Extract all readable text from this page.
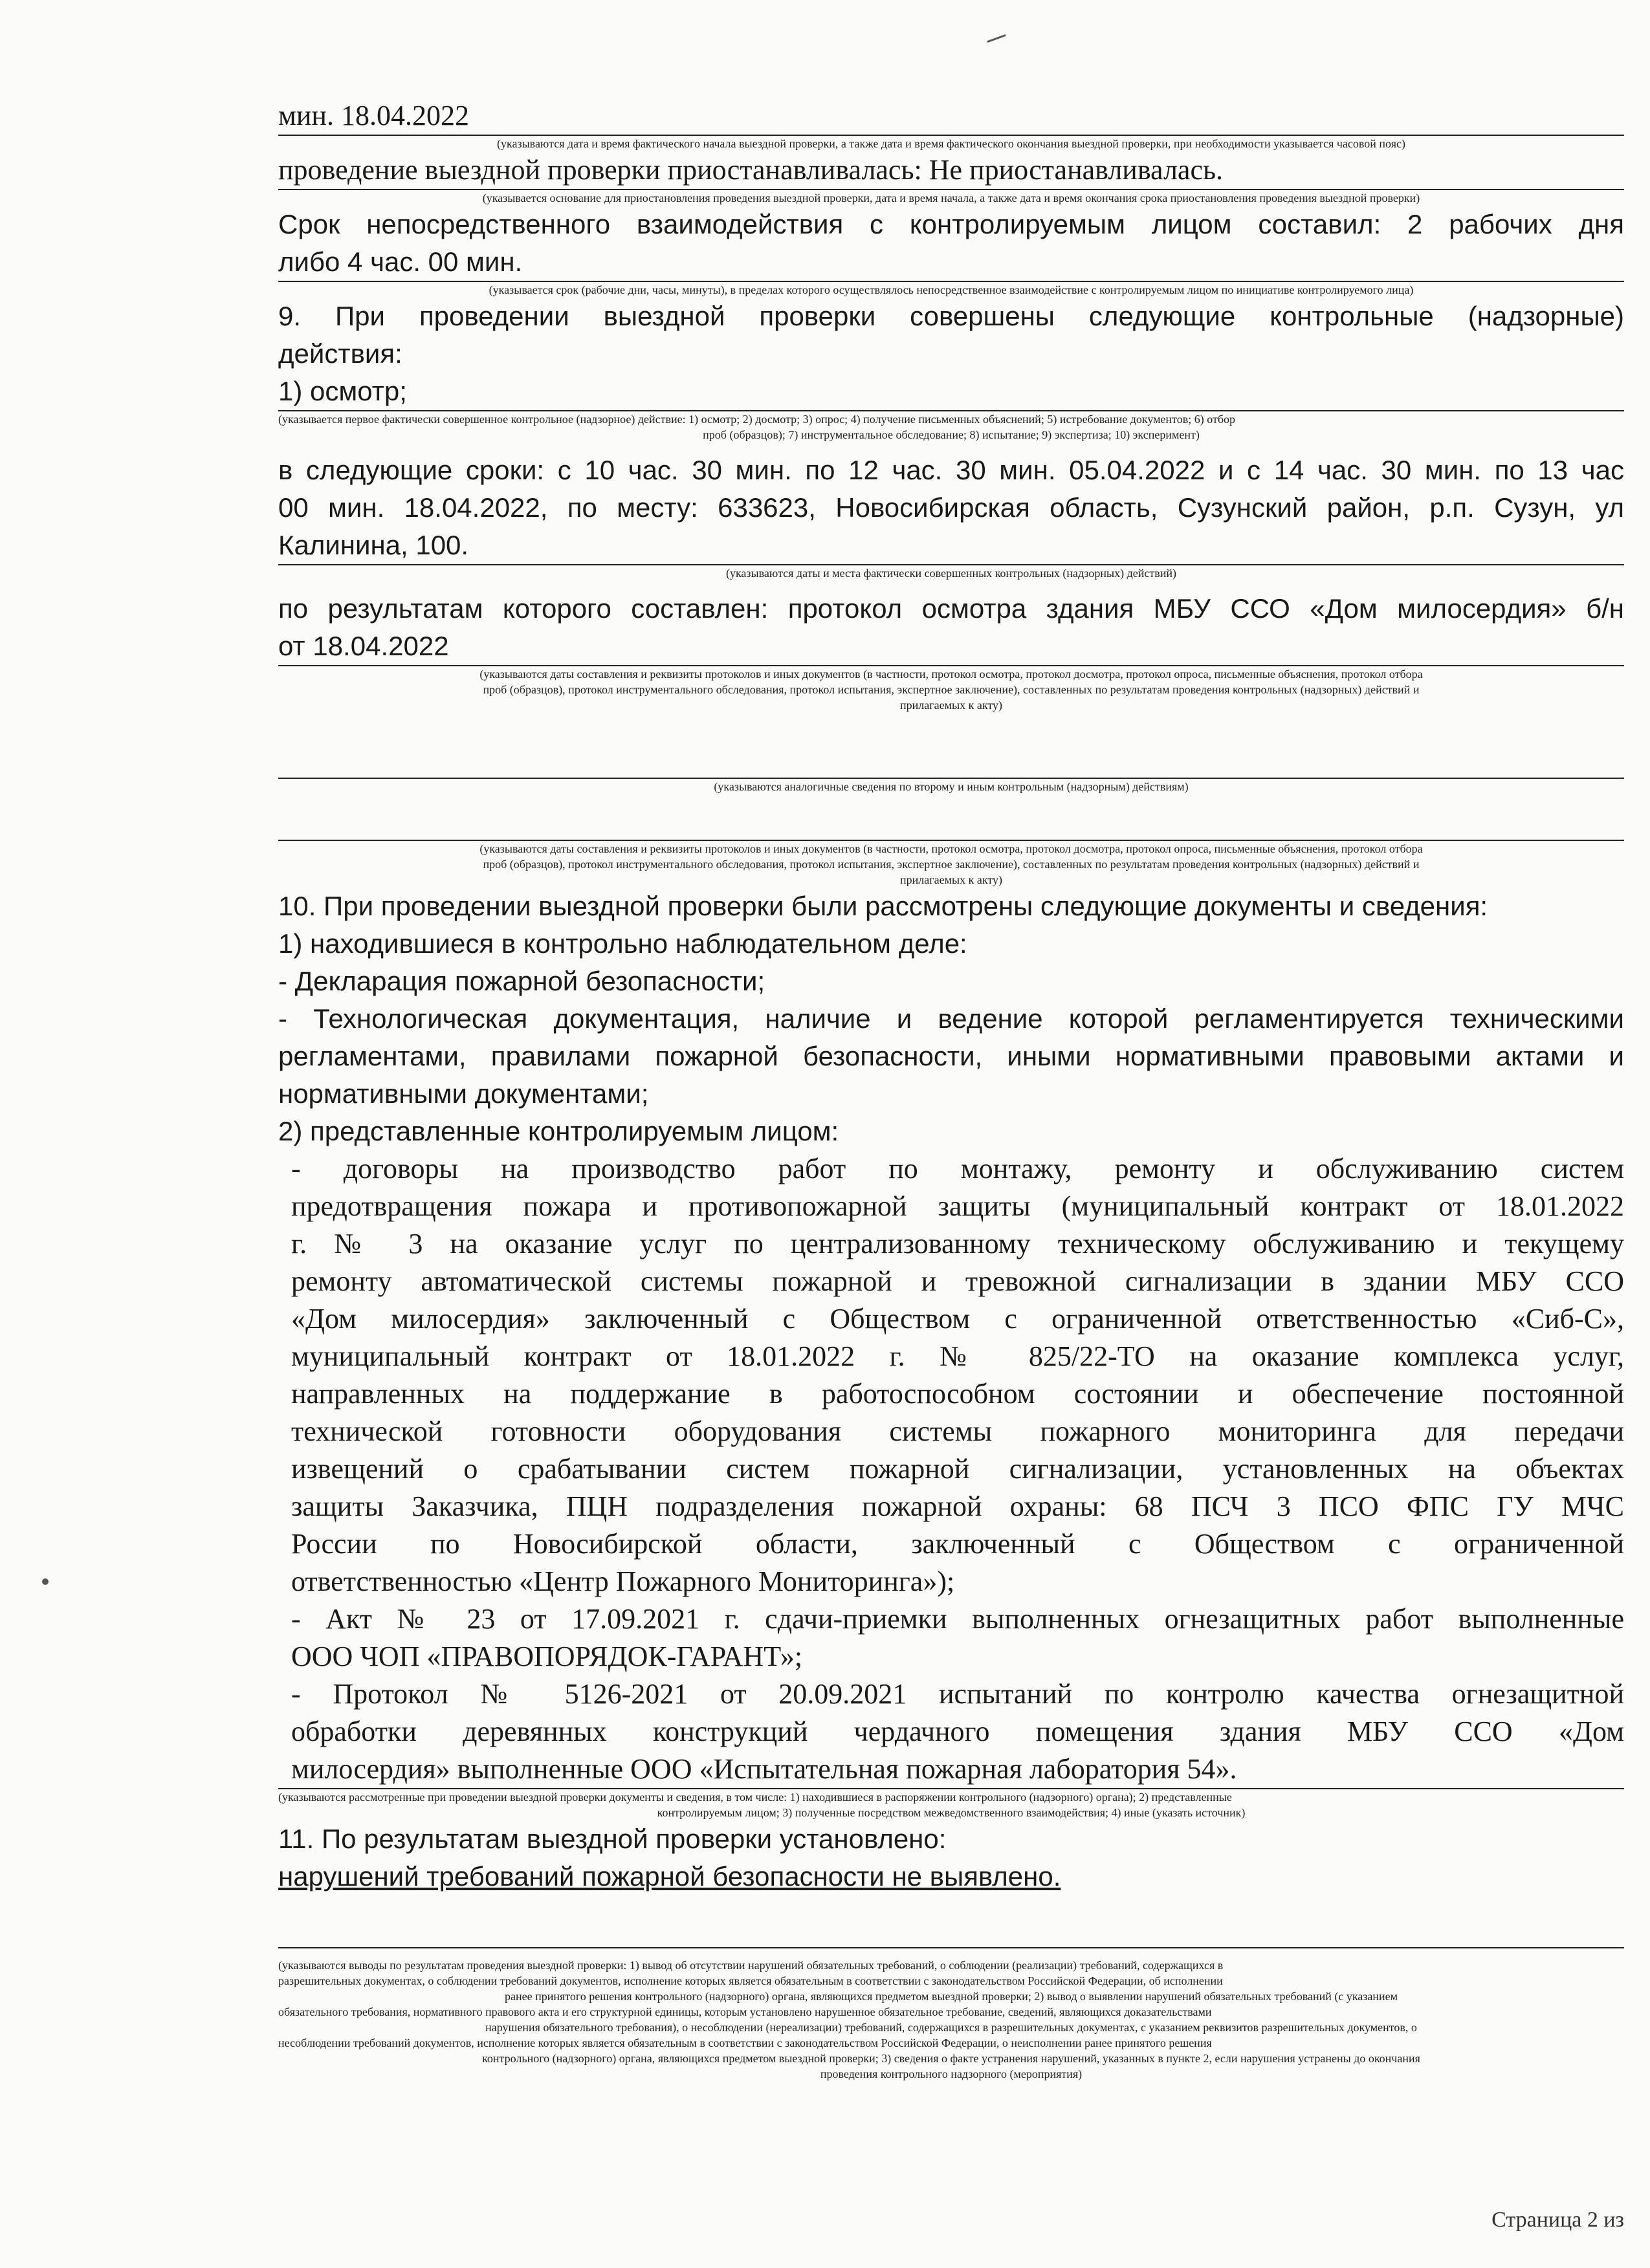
мин. 18.04.2022
(указываются дата и время фактического начала выездной проверки, а также дата и время фактического окончания выездной проверки, при необходимости указывается часовой пояс)
проведение выездной проверки приостанавливалась: Не приостанавливалась.
(указывается основание для приостановления проведения выездной проверки, дата и время начала, а также дата и время окончания срока приостановления проведения выездной проверки)
Срок непосредственного взаимодействия с контролируемым лицом составил: 2 рабочих дня
либо 4 час. 00 мин.
(указывается срок (рабочие дни, часы, минуты), в пределах которого осуществлялось непосредственное взаимодействие с контролируемым лицом по инициативе контролируемого лица)
9. При проведении выездной проверки совершены следующие контрольные (надзорные)
действия:
1) осмотр;
(указывается первое фактически совершенное контрольное (надзорное) действие: 1) осмотр; 2) досмотр; 3) опрос; 4) получение письменных объяснений; 5) истребование документов; 6) отбор
проб (образцов); 7) инструментальное обследование; 8) испытание; 9) экспертиза; 10) эксперимент)
в следующие сроки: с 10 час. 30 мин. по 12 час. 30 мин. 05.04.2022 и с 14 час. 30 мин. по 13 час
00 мин. 18.04.2022, по месту: 633623, Новосибирская область, Сузунский район, р.п. Сузун, ул
Калинина, 100.
(указываются даты и места фактически совершенных контрольных (надзорных) действий)
по результатам которого составлен: протокол осмотра здания МБУ ССО «Дом милосердия» б/н
от 18.04.2022
(указываются даты составления и реквизиты протоколов и иных документов (в частности, протокол осмотра, протокол досмотра, протокол опроса, письменные объяснения, протокол отбора
проб (образцов), протокол инструментального обследования, протокол испытания, экспертное заключение), составленных по результатам проведения контрольных (надзорных) действий и
прилагаемых к акту)
(указываются аналогичные сведения по второму и иным контрольным (надзорным) действиям)
(указываются даты составления и реквизиты протоколов и иных документов (в частности, протокол осмотра, протокол досмотра, протокол опроса, письменные объяснения, протокол отбора
проб (образцов), протокол инструментального обследования, протокол испытания, экспертное заключение), составленных по результатам проведения контрольных (надзорных) действий и
прилагаемых к акту)
10. При проведении выездной проверки были рассмотрены следующие документы и сведения:
1) находившиеся в контрольно наблюдательном деле:
- Декларация пожарной безопасности;
- Технологическая документация, наличие и ведение которой регламентируется техническими
регламентами, правилами пожарной безопасности, иными нормативными правовыми актами и
нормативными документами;
2) представленные контролируемым лицом:
- договоры на производство работ по монтажу, ремонту и обслуживанию систем
предотвращения пожара и противопожарной защиты (муниципальный контракт от 18.01.2022
г. № 3 на оказание услуг по централизованному техническому обслуживанию и текущему
ремонту автоматической системы пожарной и тревожной сигнализации в здании МБУ ССО
«Дом милосердия» заключенный с Обществом с ограниченной ответственностью «Сиб-С»,
муниципальный контракт от 18.01.2022 г. № 825/22-ТО на оказание комплекса услуг,
направленных на поддержание в работоспособном состоянии и обеспечение постоянной
технической готовности оборудования системы пожарного мониторинга для передачи
извещений о срабатывании систем пожарной сигнализации, установленных на объектах
защиты Заказчика, ПЦН подразделения пожарной охраны: 68 ПСЧ 3 ПСО ФПС ГУ МЧС
России по Новосибирской области, заключенный с Обществом с ограниченной
ответственностью «Центр Пожарного Мониторинга»);
- Акт № 23 от 17.09.2021 г. сдачи-приемки выполненных огнезащитных работ выполненные
ООО ЧОП «ПРАВОПОРЯДОК-ГАРАНТ»;
- Протокол № 5126-2021 от 20.09.2021 испытаний по контролю качества огнезащитной
обработки деревянных конструкций чердачного помещения здания МБУ ССО «Дом
милосердия» выполненные ООО «Испытательная пожарная лаборатория 54».
(указываются рассмотренные при проведении выездной проверки документы и сведения, в том числе: 1) находившиеся в распоряжении контрольного (надзорного) органа); 2) представленные
контролируемым лицом; 3) полученные посредством межведомственного взаимодействия; 4) иные (указать источник)
11. По результатам выездной проверки установлено:
нарушений требований пожарной безопасности не выявлено.
(указываются выводы по результатам проведения выездной проверки: 1) вывод об отсутствии нарушений обязательных требований, о соблюдении (реализации) требований, содержащихся в
разрешительных документах, о соблюдении требований документов, исполнение которых является обязательным в соответствии с законодательством Российской Федерации, об исполнении
ранее принятого решения контрольного (надзорного) органа, являющихся предметом выездной проверки; 2) вывод о выявлении нарушений обязательных требований (с указанием
обязательного требования, нормативного правового акта и его структурной единицы, которым установлено нарушенное обязательное требование, сведений, являющихся доказательствами
нарушения обязательного требования), о несоблюдении (нереализации) требований, содержащихся в разрешительных документах, с указанием реквизитов разрешительных документов, о
несоблюдении требований документов, исполнение которых является обязательным в соответствии с законодательством Российской Федерации, о неисполнении ранее принятого решения
контрольного (надзорного) органа, являющихся предметом выездной проверки; 3) сведения о факте устранения нарушений, указанных в пункте 2, если нарушения устранены до окончания
проведения контрольного надзорного (мероприятия)
Страница 2 из
